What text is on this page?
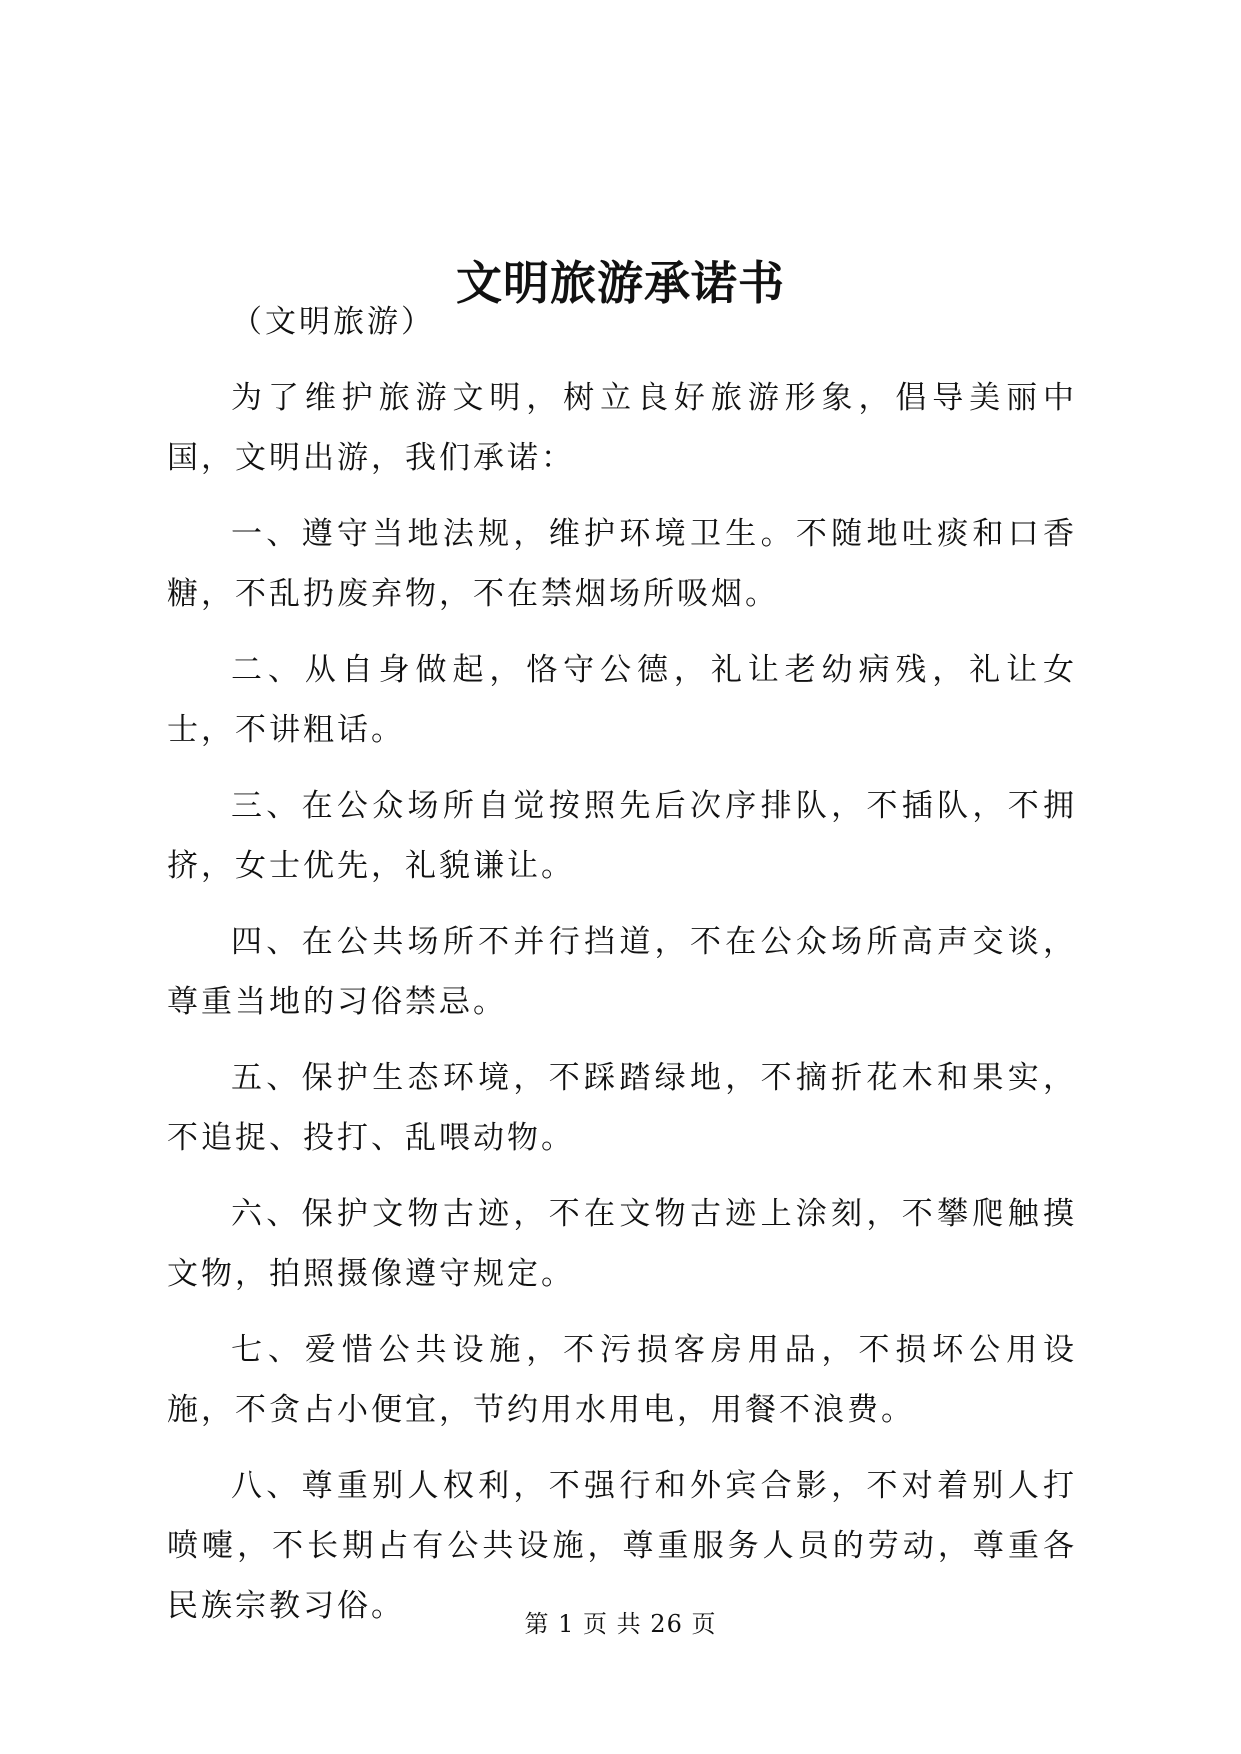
文明旅游承诺书
（文明旅游）

为了维护旅游文明，树立良好旅游形象，倡导美丽中国，文明出游，我们承诺：

一、遵守当地法规，维护环境卫生。不随地吐痰和口香糖，不乱扔废弃物，不在禁烟场所吸烟。

二、从自身做起，恪守公德，礼让老幼病残，礼让女士，不讲粗话。

三、在公众场所自觉按照先后次序排队，不插队，不拥挤，女士优先，礼貌谦让。

四、在公共场所不并行挡道，不在公众场所高声交谈，尊重当地的习俗禁忌。

五、保护生态环境，不踩踏绿地，不摘折花木和果实，不追捉、投打、乱喂动物。

六、保护文物古迹，不在文物古迹上涂刻，不攀爬触摸文物，拍照摄像遵守规定。

七、爱惜公共设施，不污损客房用品，不损坏公用设施，不贪占小便宜，节约用水用电，用餐不浪费。

八、尊重别人权利，不强行和外宾合影，不对着别人打喷嚏，不长期占有公共设施，尊重服务人员的劳动，尊重各民族宗教习俗。	第 1 页 共 26 页
